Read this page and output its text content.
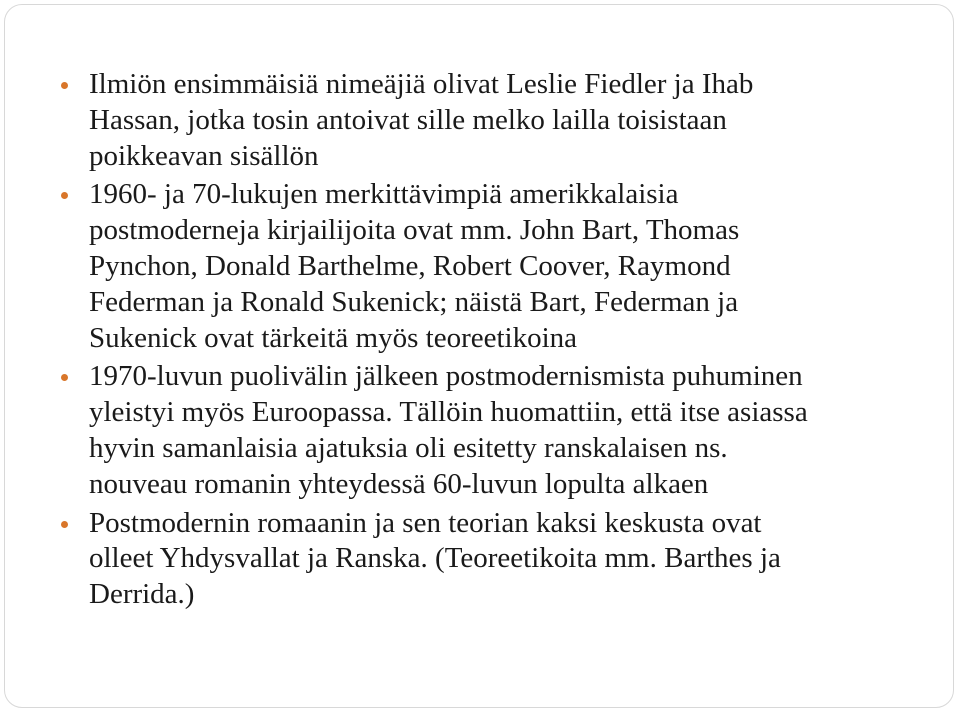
Ilmiön ensimmäisiä nimeäjiä olivat Leslie Fiedler ja Ihab
Hassan, jotka tosin antoivat sille melko lailla toisistaan
poikkeavan sisällön
1960- ja 70-lukujen merkittävimpiä amerikkalaisia
postmoderneja kirjailijoita ovat mm. John Bart, Thomas
Pynchon, Donald Barthelme, Robert Coover, Raymond
Federman ja Ronald Sukenick; näistä Bart, Federman ja
Sukenick ovat tärkeitä myös teoreetikoina
1970-luvun puolivälin jälkeen postmodernismista puhuminen
yleistyi myös Euroopassa. Tällöin huomattiin, että itse asiassa
hyvin samanlaisia ajatuksia oli esitetty ranskalaisen ns.
nouveau romanin yhteydessä 60-luvun lopulta alkaen
Postmodernin romaanin ja sen teorian kaksi keskusta ovat
olleet Yhdysvallat ja Ranska. (Teoreetikoita mm. Barthes ja
Derrida.)
